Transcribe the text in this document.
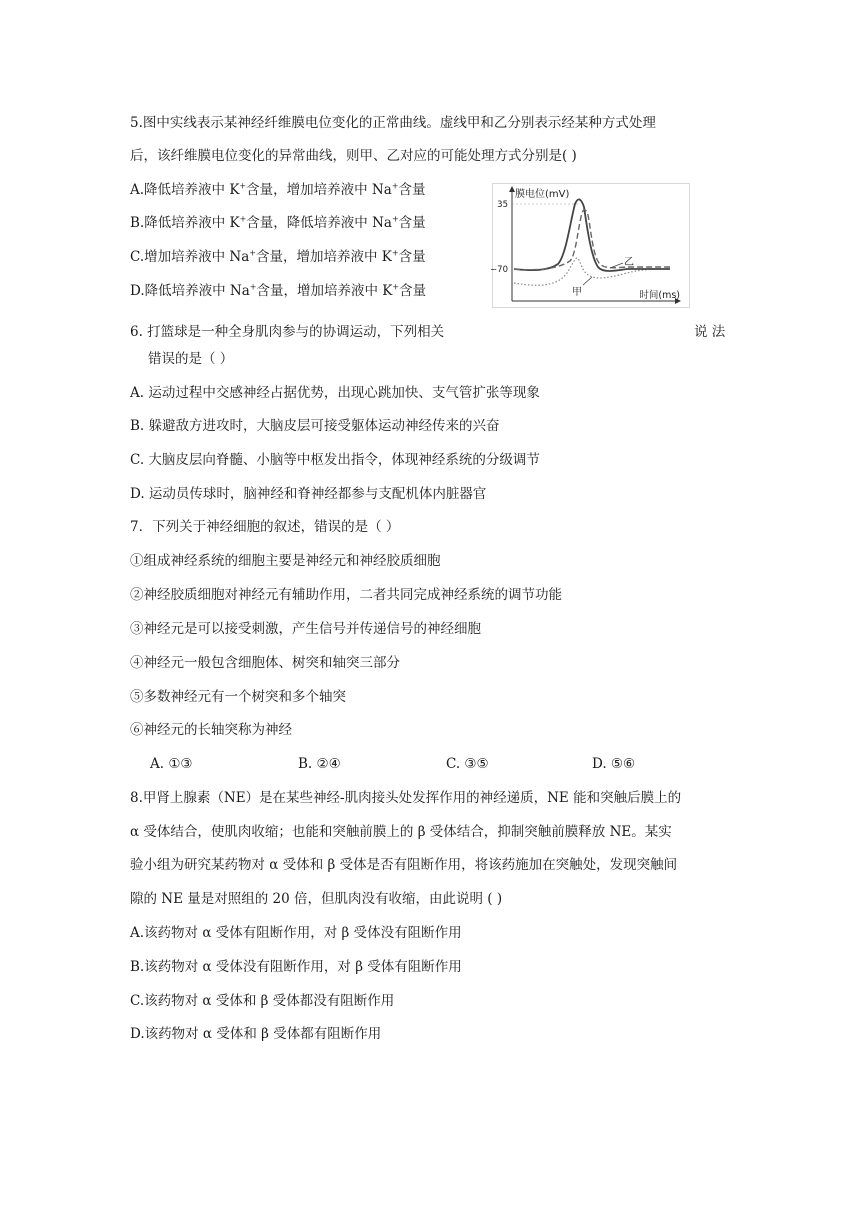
5.图中实线表示某神经纤维膜电位变化的正常曲线。虚线甲和乙分别表示经某种方式处理
后，该纤维膜电位变化的异常曲线，则甲、乙对应的可能处理方式分别是( )
A.降低培养液中 K+含量，增加培养液中 Na+含量
B.降低培养液中 K+含量，降低培养液中 Na+含量
C.增加培养液中 Na+含量，增加培养液中 K+含量
D.降低培养液中 Na+含量，增加培养液中 K+含量
膜电位(mV)
时间(ms)
35
−70
乙
甲
6. 打篮球是一种全身肌肉参与的协调运动，下列相关	说 法
错误的是（ ）
A. 运动过程中交感神经占据优势，出现心跳加快、支气管扩张等现象
B. 躲避敌方进攻时，大脑皮层可接受躯体运动神经传来的兴奋
C. 大脑皮层向脊髓、小脑等中枢发出指令，体现神经系统的分级调节
D. 运动员传球时，脑神经和脊神经都参与支配机体内脏器官
7．下列关于神经细胞的叙述，错误的是（ ）
①组成神经系统的细胞主要是神经元和神经胶质细胞
②神经胶质细胞对神经元有辅助作用，二者共同完成神经系统的调节功能
③神经元是可以接受刺激，产生信号并传递信号的神经细胞
④神经元一般包含细胞体、树突和轴突三部分
⑤多数神经元有一个树突和多个轴突
⑥神经元的长轴突称为神经
A. ①③	B. ②④	C. ③⑤	D. ⑤⑥
8.甲肾上腺素（NE）是在某些神经-肌肉接头处发挥作用的神经递质，NE 能和突触后膜上的
α 受体结合，使肌肉收缩；也能和突触前膜上的 β 受体结合，抑制突触前膜释放 NE。某实
验小组为研究某药物对 α 受体和 β 受体是否有阻断作用，将该药施加在突触处，发现突触间
隙的 NE 量是对照组的 20 倍，但肌肉没有收缩，由此说明 ( )
A.该药物对 α 受体有阻断作用，对 β 受体没有阻断作用
B.该药物对 α 受体没有阻断作用，对 β 受体有阻断作用
C.该药物对 α 受体和 β 受体都没有阻断作用
D.该药物对 α 受体和 β 受体都有阻断作用
